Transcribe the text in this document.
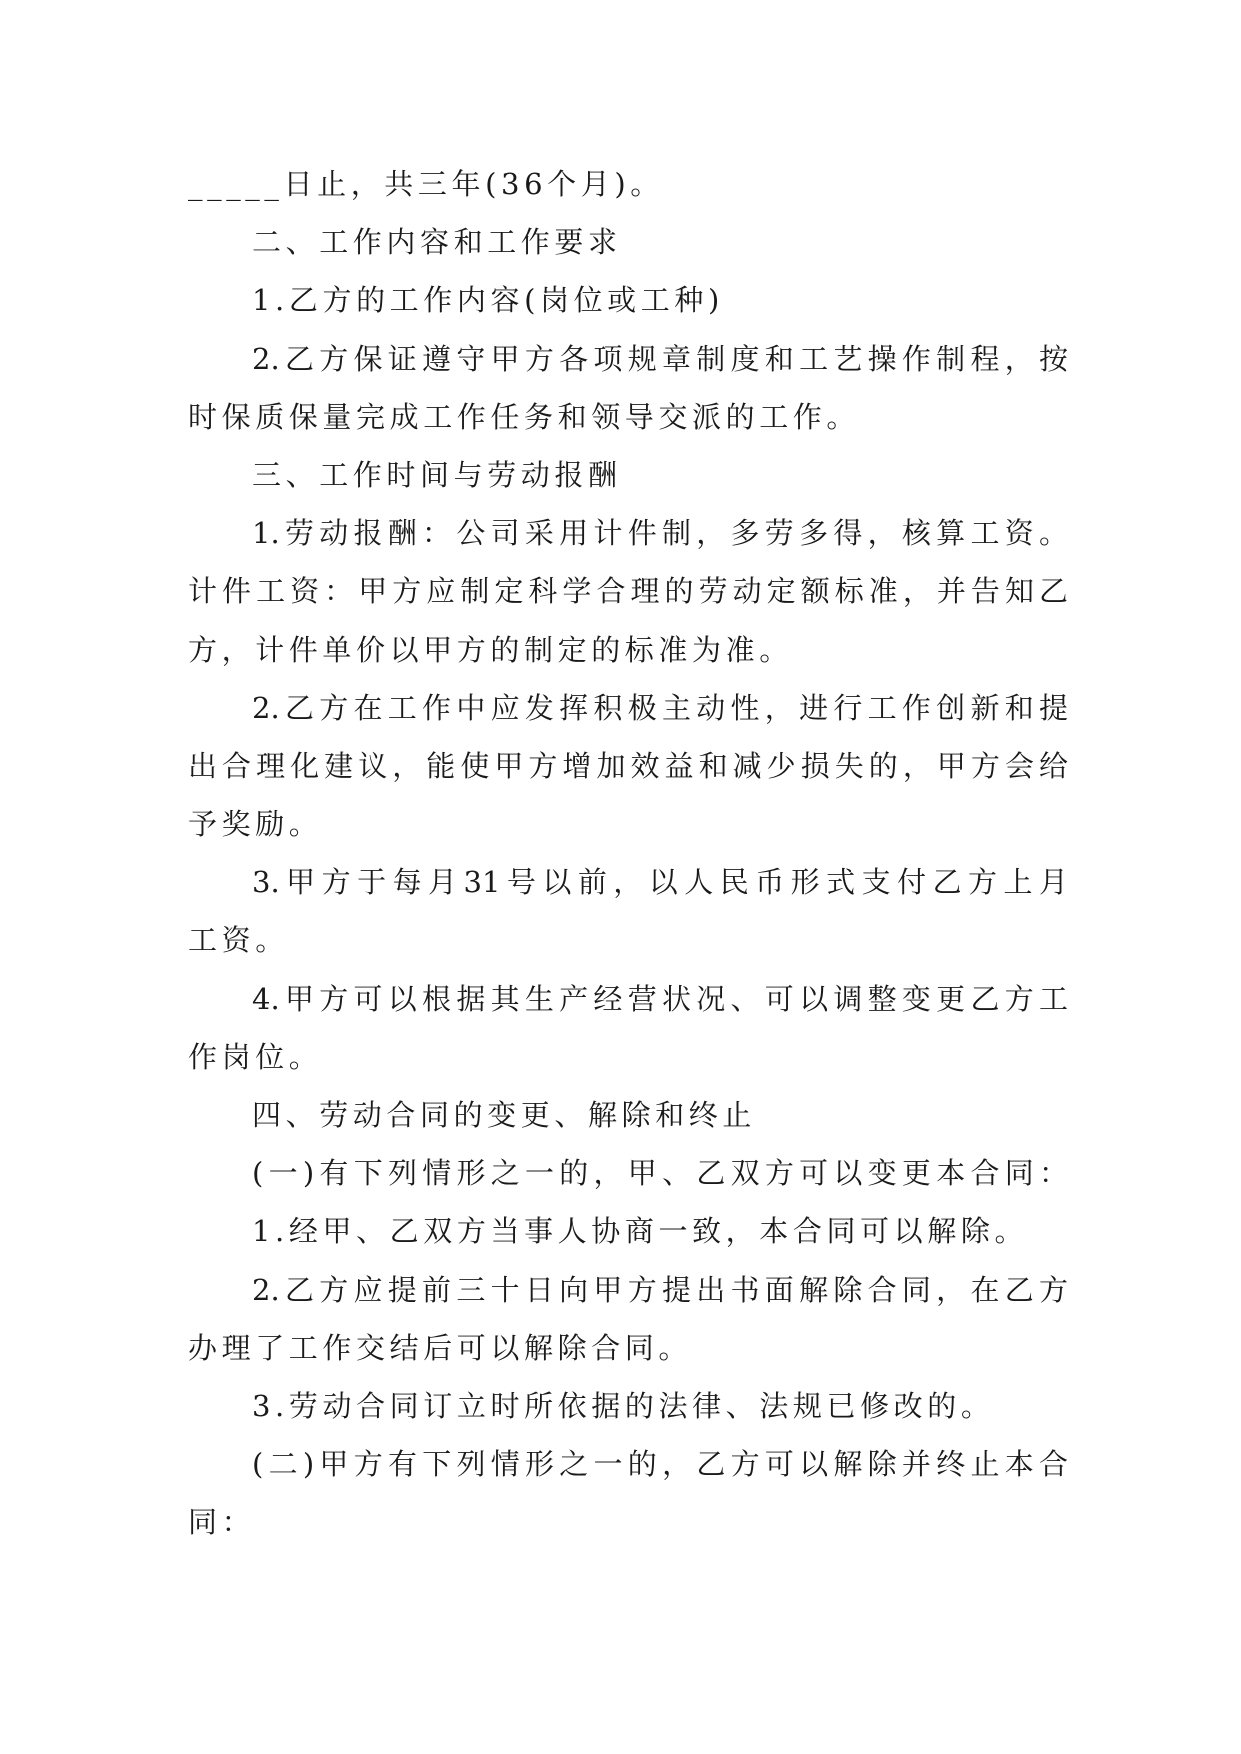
_____日止，共三年(36个月)。
二、工作内容和工作要求
1.乙方的工作内容(岗位或工种)
2.乙方保证遵守甲方各项规章制度和工艺操作制程，按
时保质保量完成工作任务和领导交派的工作。
三、工作时间与劳动报酬
1.劳动报酬：公司采用计件制，多劳多得，核算工资。
计件工资：甲方应制定科学合理的劳动定额标准，并告知乙
方，计件单价以甲方的制定的标准为准。
2.乙方在工作中应发挥积极主动性，进行工作创新和提
出合理化建议，能使甲方增加效益和减少损失的，甲方会给
予奖励。
3.甲方于每月31号以前，以人民币形式支付乙方上月
工资。
4.甲方可以根据其生产经营状况、可以调整变更乙方工
作岗位。
四、劳动合同的变更、解除和终止
(一)有下列情形之一的，甲、乙双方可以变更本合同：
1.经甲、乙双方当事人协商一致，本合同可以解除。
2.乙方应提前三十日向甲方提出书面解除合同，在乙方
办理了工作交结后可以解除合同。
3.劳动合同订立时所依据的法律、法规已修改的。
(二)甲方有下列情形之一的，乙方可以解除并终止本合
同：
